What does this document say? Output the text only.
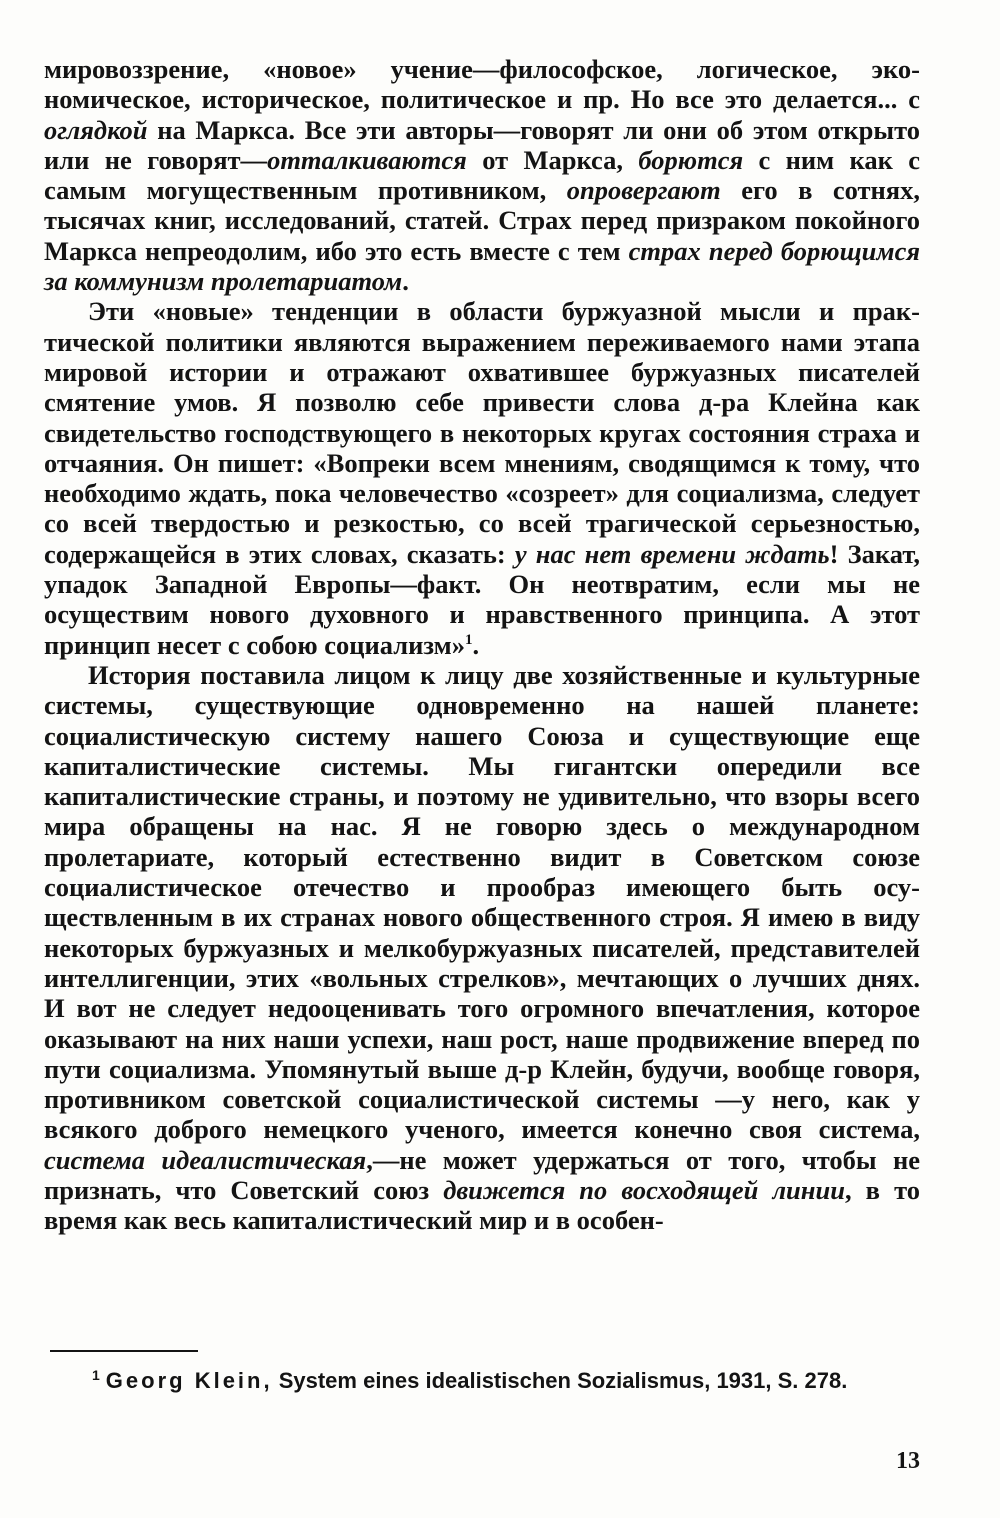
мировоззрение, «новое» учение—философское, логическое, экономическое, историческое, политическое и пр. Но все это делается... с оглядкой на Маркса. Все эти авторы—говорят ли они об этом открыто или не говорят—отталкиваются от Маркса, борются с ним как с самым могущественным противником, опровергают его в сотнях, тысячах книг, исследований, статей. Страх перед призраком покойного Маркса непреодолим, ибо это есть вместе с тем страх перед борющимся за коммунизм пролетариатом.

Эти «новые» тенденции в области буржуазной мысли и практической политики являются выражением переживаемого нами этапа мировой истории и отражают охватившее буржуазных писателей смятение умов. Я позволю себе привести слова д-ра Клейна как свидетельство господствующего в некоторых кругах состояния страха и отчаяния. Он пишет: «Вопреки всем мнениям, сводящимся к тому, что необходимо ждать, пока человечество «созреет» для социализма, следует со всей твердостью и резкостью, со всей трагической серьезностью, содержащейся в этих словах, сказать: у нас нет времени ждать! Закат, упадок Западной Европы—факт. Он неотвратим, если мы не осуществим нового духовного и нравственного принципа. А этот принцип несет с собою социализм»$^1$.

История поставила лицом к лицу две хозяйственные и культурные системы, существующие одновременно на нашей планете: социалистическую систему нашего Союза и существующие еще капиталистические системы. Мы гигантски опередили все капиталистические страны, и поэтому не удивительно, что взоры всего мира обращены на нас. Я не говорю здесь о международном пролетариате, который естественно видит в Советском союзе социалистическое отечество и прообраз имеющего быть осуществленным в их странах нового общественного строя. Я имею в виду некоторых буржуазных и мелкобуржуазных писателей, представителей интеллигенции, этих «вольных стрелков», мечтающих о лучших днях. И вот не следует недооценивать того огромного впечатления, которое оказывают на них наши успехи, наш рост, наше продвижение вперед по пути социализма. Упомянутый выше д-р Клейн, будучи, вообще говоря, противником советской социалистической системы —у него, как у всякого доброго немецкого ученого, имеется конечно своя система, система идеалистическая,—не может удержаться от того, чтобы не признать, что Советский союз движется по восходящей линии, в то время как весь капиталистический мир и в особен-

$^1$ Georg Klein, System eines idealistischen Sozialismus, 1931, S. 278.
13
